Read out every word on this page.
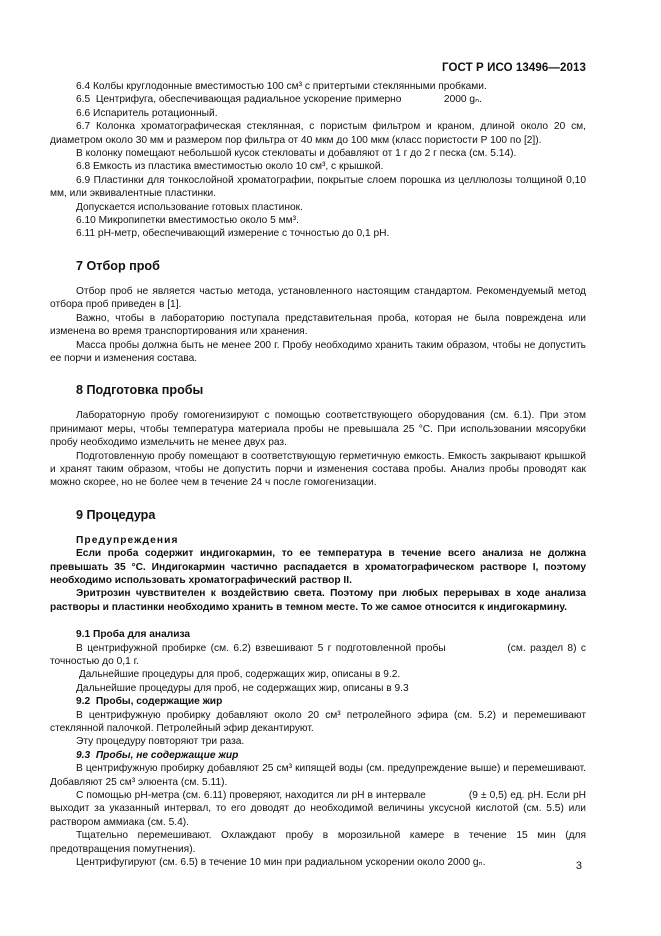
ГОСТ Р ИСО 13496—2013

6.4 Колбы круглодонные вместимостью 100 см³ с притертыми стеклянными пробками.

6.5  Центрифуга, обеспечивающая радиальное ускорение примерно               2000 gₙ.

6.6 Испаритель ротационный.

6.7 Колонка хроматографическая стеклянная, с пористым фильтром и краном, длиной около 20 см, диаметром около 30 мм и размером пор фильтра от 40 мкм до 100 мкм (класс пористости P 100 по [2]).

В колонку помещают небольшой кусок стекловаты и добавляют от 1 г до 2 г песка (см. 5.14).

6.8 Емкость из пластика вместимостью около 10 см³, с крышкой.

6.9 Пластинки для тонкослойной хроматографии, покрытые слоем порошка из целлюлозы толщиной 0,10 мм, или эквивалентные пластинки.

Допускается использование готовых пластинок.

6.10 Микропипетки вместимостью около 5 мм³.

6.11 рН-метр, обеспечивающий измерение с точностью до 0,1 рН.

7 Отбор проб

Отбор проб не является частью метода, установленного настоящим стандартом. Рекомендуемый метод отбора проб приведен в [1].

Важно, чтобы в лабораторию поступала представительная проба, которая не была повреждена или изменена во время транспортирования или хранения.

Масса пробы должна быть не менее 200 г. Пробу необходимо хранить таким образом, чтобы не допустить ее порчи и изменения состава.

8 Подготовка пробы

Лабораторную пробу гомогенизируют с помощью соответствующего оборудования (см. 6.1). При этом принимают меры, чтобы температура материала пробы не превышала 25 °С. При использовании мясорубки пробу необходимо измельчить не менее двух раз.

Подготовленную пробу помещают в соответствующую герметичную емкость. Емкость закрывают крышкой и хранят таким образом, чтобы не допустить порчи и изменения состава пробы. Анализ пробы проводят как можно скорее, но не более чем в течение 24 ч после гомогенизации.

9 Процедура
Предупреждения

Если проба содержит индигокармин, то ее температура в течение всего анализа не должна превышать 35 °С. Индигокармин частично распадается в хроматографическом растворе I, поэтому необходимо использовать хроматографический раствор II.

Эритрозин чувствителен к воздействию света. Поэтому при любых перерывах в ходе анализа растворы и пластинки необходимо хранить в темном месте. То же самое относится к индигокармину.

9.1 Проба для анализа

В центрифужной пробирке (см. 6.2) взвешивают 5 г подготовленной пробы              (см. раздел 8) с точностью до 0,1 г.

Дальнейшие процедуры для проб, содержащих жир, описаны в 9.2.

Дальнейшие процедуры для проб, не содержащих жир, описаны в 9.3

9.2  Пробы, содержащие жир

В центрифужную пробирку добавляют около 20 см³ петролейного эфира (см. 5.2) и перемешивают стеклянной палочкой. Петролейный эфир декантируют.

Эту процедуру повторяют три раза.

9.3  Пробы, не содержащие жир

В центрифужную пробирку добавляют 25 см³ кипящей воды (см. предупреждение выше) и перемешивают. Добавляют 25 см³ элюента (см. 5.11).

С помощью рН-метра (см. 6.11) проверяют, находится ли рН в интервале              (9 ± 0,5) ед. рН. Если рН выходит за указанный интервал, то его доводят до необходимой величины уксусной кислотой (см. 5.5) или раствором аммиака (см. 5.4).

Тщательно перемешивают. Охлаждают пробу в морозильной камере в течение 15 мин (для предотвращения помутнения).

Центрифугируют (см. 6.5) в течение 10 мин при радиальном ускорении около 2000 gₙ.	3
